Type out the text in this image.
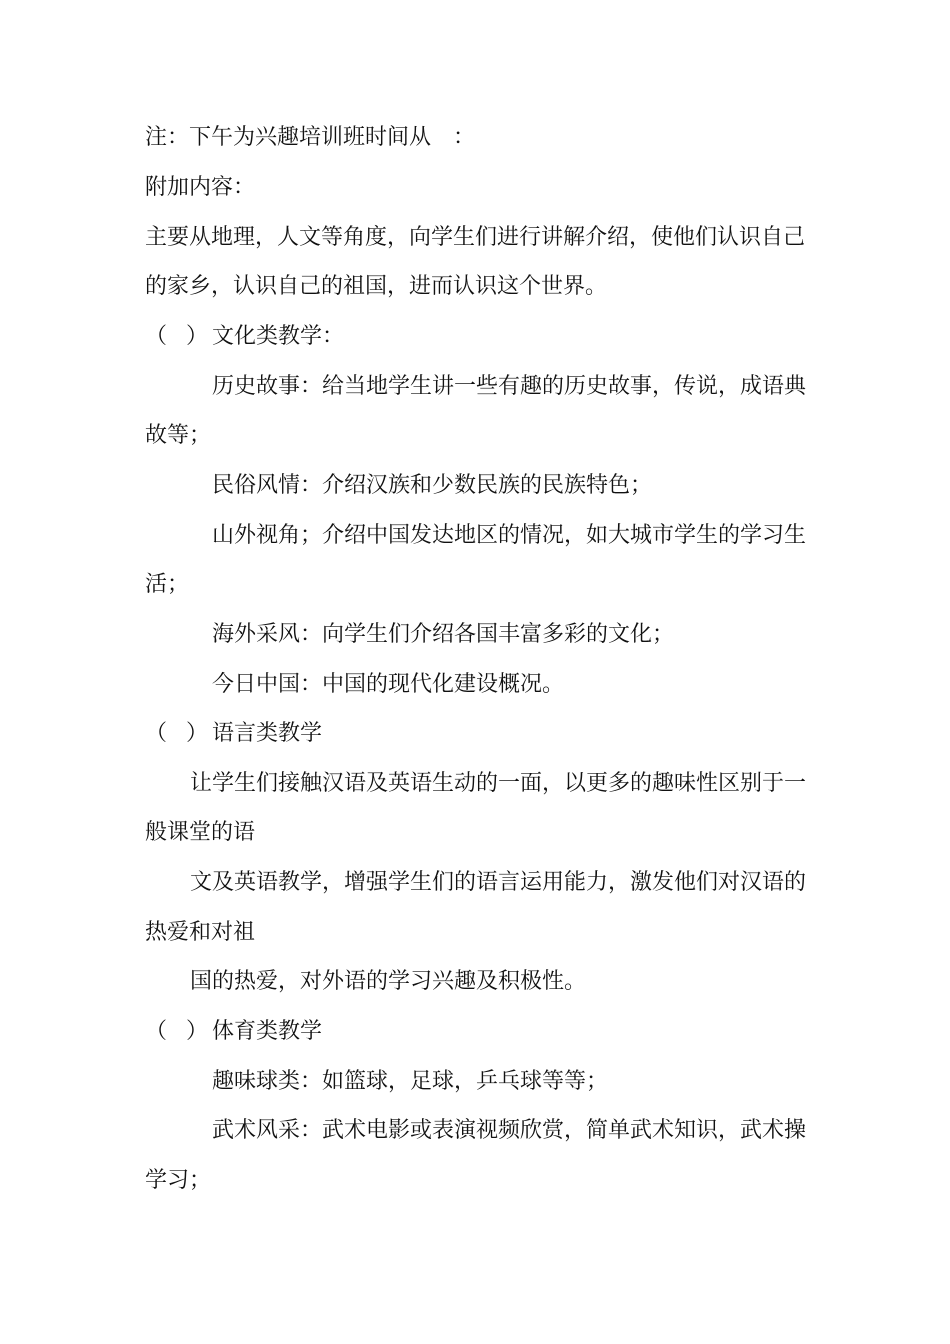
注：下午为兴趣培训班时间从　：
附加内容：
主要从地理，人文等角度，向学生们进行讲解介绍，使他们认识自己
的家乡，认识自己的祖国，进而认识这个世界。
（ ）文化类教学：
历史故事：给当地学生讲一些有趣的历史故事，传说，成语典
故等；
民俗风情：介绍汉族和少数民族的民族特色；
山外视角；介绍中国发达地区的情况，如大城市学生的学习生
活；
海外采风：向学生们介绍各国丰富多彩的文化；
今日中国：中国的现代化建设概况。
（ ）语言类教学
让学生们接触汉语及英语生动的一面，以更多的趣味性区别于一
般课堂的语
文及英语教学，增强学生们的语言运用能力，激发他们对汉语的
热爱和对祖
国的热爱，对外语的学习兴趣及积极性。
（ ）体育类教学
趣味球类：如篮球，足球，乒乓球等等；
武术风采：武术电影或表演视频欣赏，简单武术知识，武术操
学习；
